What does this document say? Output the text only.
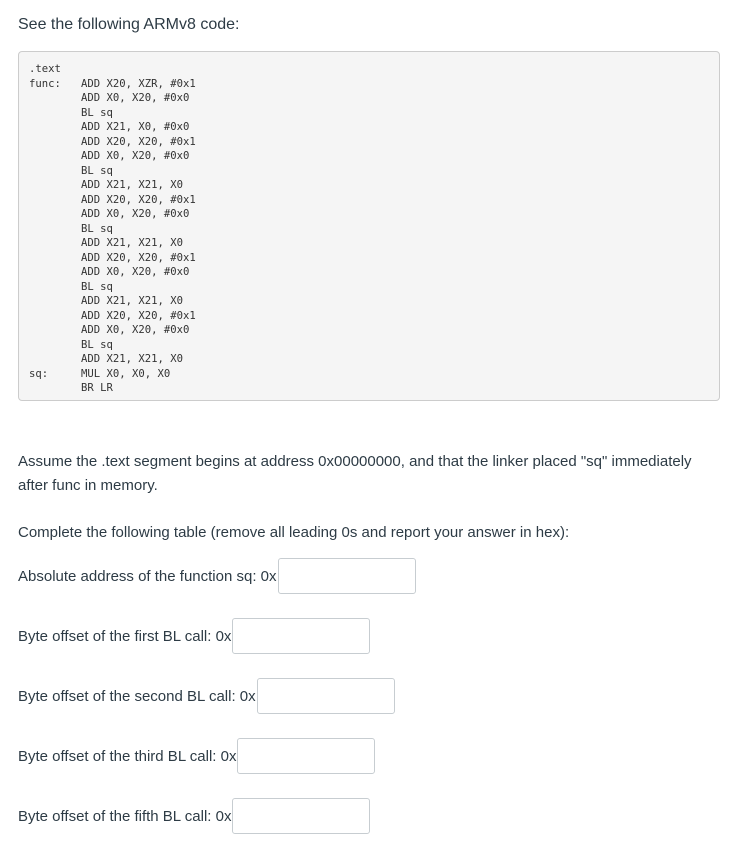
See the following ARMv8 code:
.text
func:	ADD X20, XZR, #0x1
ADD X0, X20, #0x0
BL sq
ADD X21, X0, #0x0
ADD X20, X20, #0x1
ADD X0, X20, #0x0
BL sq
ADD X21, X21, X0
ADD X20, X20, #0x1
ADD X0, X20, #0x0
BL sq
ADD X21, X21, X0
ADD X20, X20, #0x1
ADD X0, X20, #0x0
BL sq
ADD X21, X21, X0
ADD X20, X20, #0x1
ADD X0, X20, #0x0
BL sq
ADD X21, X21, X0
sq:	MUL X0, X0, X0
BR LR
Assume the .text segment begins at address 0x00000000, and that the linker placed "sq" immediately after func in memory.
Complete the following table (remove all leading 0s and report your answer in hex):
Absolute address of the function sq: 0x
Byte offset of the first BL call: 0x
Byte offset of the second BL call: 0x
Byte offset of the third BL call: 0x
Byte offset of the fifth BL call: 0x
